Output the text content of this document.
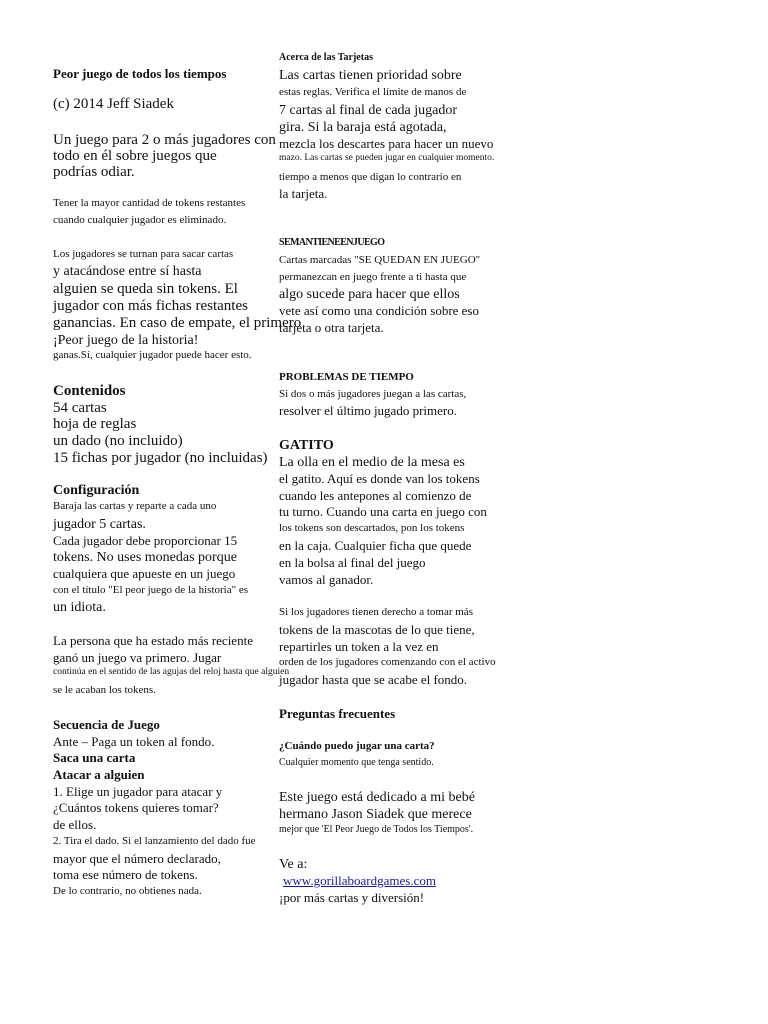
Peor juego de todos los tiempos
(c) 2014 Jeff Siadek
Un juego para 2 o más jugadores con
todo en él sobre juegos que
podrías odiar.
Tener la mayor cantidad de tokens restantes
cuando cualquier jugador es eliminado.
Los jugadores se turnan para sacar cartas
y atacándose entre sí hasta
alguien se queda sin tokens. El
jugador con más fichas restantes
ganancias. En caso de empate, el primero
¡Peor juego de la historia!
ganas.Sí, cualquier jugador puede hacer esto.
Contenidos
54 cartas
hoja de reglas
un dado (no incluido)
15 fichas por jugador (no incluidas)
Configuración
Baraja las cartas y reparte a cada uno
jugador 5 cartas.
Cada jugador debe proporcionar 15
tokens. No uses monedas porque
cualquiera que apueste en un juego
con el título "El peor juego de la historia" es
un idiota.
La persona que ha estado más reciente
ganó un juego va primero. Jugar
continúa en el sentido de las agujas del reloj hasta que alguien
se le acaban los tokens.
Secuencia de Juego
Ante – Paga un token al fondo.
Saca una carta
Atacar a alguien
1. Elige un jugador para atacar y
¿Cuántos tokens quieres tomar?
de ellos.
2. Tira el dado. Si el lanzamiento del dado fue
mayor que el número declarado,
toma ese número de tokens.
De lo contrario, no obtienes nada.
Acerca de las Tarjetas
Las cartas tienen prioridad sobre
estas reglas. Verifica el límite de manos de
7 cartas al final de cada jugador
gira. Si la baraja está agotada,
mezcla los descartes para hacer un nuevo
mazo. Las cartas se pueden jugar en cualquier momento.
tiempo a menos que digan lo contrario en
la tarjeta.
SEMANTIENEENJUEGO
Cartas marcadas "SE QUEDAN EN JUEGO"
permanezcan en juego frente a ti hasta que
algo sucede para hacer que ellos
vete así como una condición sobre eso
tarjeta o otra tarjeta.
PROBLEMAS DE TIEMPO
Si dos o más jugadores juegan a las cartas,
resolver el último jugado primero.
GATITO
La olla en el medio de la mesa es
el gatito. Aquí es donde van los tokens
cuando les antepones al comienzo de
tu turno. Cuando una carta en juego con
los tokens son descartados, pon los tokens
en la caja. Cualquier ficha que quede
en la bolsa al final del juego
vamos al ganador.
Si los jugadores tienen derecho a tomar más
tokens de la mascotas de lo que tiene,
repartirles un token a la vez en
orden de los jugadores comenzando con el activo
jugador hasta que se acabe el fondo.
Preguntas frecuentes
¿Cuándo puedo jugar una carta?
Cualquier momento que tenga sentido.
Este juego está dedicado a mi bebé
hermano Jason Siadek que merece
mejor que 'El Peor Juego de Todos los Tiempos'.
Ve a:
www.gorillaboardgames.com
¡por más cartas y diversión!
